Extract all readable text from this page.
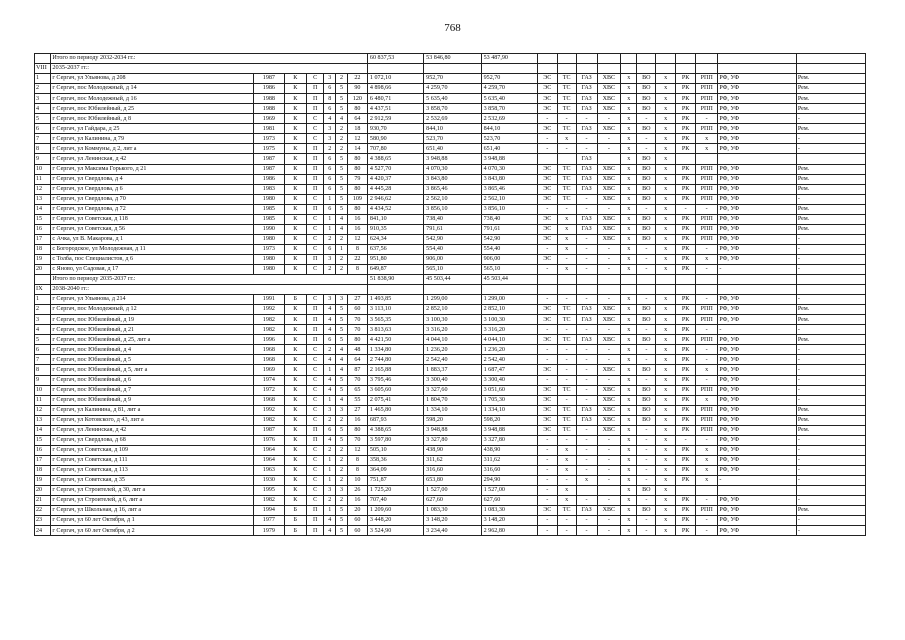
768
	Итого по периоду 2032-2034 гг.:							60 837,53	53 846,80	53 487,90											
VIII	2035-2037 гг.:																				
1	г Сергач, ул Ульянова, д 208	1987	К	С	3	2	22	1 072,10	952,70	952,70	ЭС	ТС	ГАЗ	ХВС	х	ВО	х	РК	РПП	РФ, УФ	Рем.
2	г Сергач, пос Молодежный, д 14	1986	К	П	6	5	90	4 898,66	4 259,70	4 259,70	ЭС	ТС	ГАЗ	ХВС	х	ВО	х	РК	РПП	РФ, УФ	Рем.
3	г Сергач, пос Молодежный, д 16	1988	К	П	8	5	120	6 480,71	5 635,40	5 635,40	ЭС	ТС	ГАЗ	ХВС	х	ВО	х	РК	РПП	РФ, УФ	Рем.
4	г Сергач, пос Юбилейный, д 25	1988	К	П	6	5	80	4 437,51	3 858,70	3 858,70	ЭС	ТС	ГАЗ	ХВС	х	ВО	х	РК	РПП	РФ, УФ	Рем.
5	г Сергач, пос Юбилейный, д 8	1969	К	С	4	4	64	2 912,59	2 532,69	2 532,69	-	-	-	-	х	-	х	РК	-	РФ, УФ	-
6	г Сергач, ул Гайдара, д 25	1981	К	С	3	2	18	930,70	844,10	844,10	ЭС	ТС	ГАЗ	ХВС	х	ВО	х	РК	РПП	РФ, УФ	Рем.
7	г Сергач, ул Калинина, д 79	1973	К	С	3	2	12	580,90	523,70	523,70	-	х	-	-	х	-	х	РК	х	РФ, УФ	-
8	г Сергач, ул Коммуны, д 2, лит а	1975	К	П	2	2	14	707,80	651,40	651,40	-	-	-	-	х	-	х	РК	х	РФ, УФ	-
9	г Сергач, ул Ленинская, д 42	1987	К	П	6	5	80	4 388,65	3 948,88	3 948,88			ГАЗ		х	ВО	х				
10	г Сергач, ул Максима Горького, д 21	1987	К	П	6	5	80	4 527,70	4 070,30	4 070,30	ЭС	ТС	ГАЗ	ХВС	х	ВО	х	РК	РПП	РФ, УФ	Рем.
11	г Сергач, ул Свердлова, д 4	1986	К	П	6	5	79	4 420,37	3 843,80	3 843,80	ЭС	ТС	ГАЗ	ХВС	х	ВО	х	РК	РПП	РФ, УФ	Рем.
12	г Сергач, ул Свердлова, д 6	1983	К	П	6	5	80	4 445,28	3 865,46	3 865,46	ЭС	ТС	ГАЗ	ХВС	х	ВО	х	РК	РПП	РФ, УФ	Рем.
13	г Сергач, ул Свердлова, д 70	1980	К	С	1	5	109	2 946,62	2 562,10	2 562,10	ЭС	ТС	-	ХВС	х	ВО	х	РК	РПП	РФ, УФ	-
14	г Сергач, ул Свердлова, д 72	1985	К	П	6	5	80	4 434,52	3 856,10	3 856,10	-	-	-	-	х	-	х	-	-	РФ, УФ	Рем.
15	г Сергач, ул Советская, д 118	1985	К	С	1	4	16	841,10	738,40	738,40	ЭС	х	ГАЗ	ХВС	х	ВО	х	РК	РПП	РФ, УФ	Рем.
16	г Сергач, ул Советская, д 56	1990	К	С	1	4	16	910,35	791,61	791,61	ЭС	х	ГАЗ	ХВС	х	ВО	х	РК	РПП	РФ, УФ	Рем.
17	с Ачка, ул В. Макарова, д 1	1980	К	С	2	2	12	624,34	542,90	542,90	ЭС	х	-	ХВС	х	ВО	х	РК	РПП	РФ, УФ	-
18	с Богородское, ул Молодежная, д 11	1973	К	С	6	1	8	637,56	554,40	554,40	-	х	-	-	х	-	х	РК	-	РФ, УФ	-
19	с Толба, пос Специалистов, д 6	1980	К	П	3	2	22	951,80	906,00	906,00	ЭС	-	-	-	х	-	х	РК	х	РФ, УФ	-
20	с Яново, ул Садовая, д 17	1980	К	С	2	2	8	649,87	565,10	565,10	-	х	-	-	х	-	х	РК	-	-	-
	Итого по периоду 2035-2037 гг.:							51 838,90	45 503,44	45 503,44											
IX	2038-2040 гг.:																				
1	г Сергач, ул Ульянова, д 214	1991	Б	С	3	3	27	1 493,85	1 299,00	1 299,00	-	-	-	-	х	-	х	РК	-	РФ, УФ	-
2	г Сергач, пос Молодежный, д 12	1992	К	П	4	5	60	3 113,10	2 852,10	2 852,10	ЭС	ТС	ГАЗ	ХВС	х	ВО	х	РК	РПП	РФ, УФ	Рем.
3	г Сергач, пос Юбилейный, д 19	1982	К	П	4	5	70	3 565,35	3 100,30	3 100,30	ЭС	ТС	ГАЗ	ХВС	х	ВО	х	РК	РПП	РФ, УФ	Рем.
4	г Сергач, пос Юбилейный, д 21	1982	К	П	4	5	70	3 813,63	3 316,20	3 316,20	-	-	-	-	х	-	х	РК	-	-	-
5	г Сергач, пос Юбилейный, д 25, лит а	1996	К	П	6	5	80	4 421,50	4 044,10	4 044,10	ЭС	ТС	ГАЗ	ХВС	х	ВО	х	РК	РПП	РФ, УФ	Рем.
6	г Сергач, пос Юбилейный, д 4	1968	К	С	2	4	48	1 334,80	1 236,20	1 236,20	-	-	-	-	х	-	х	РК	-	РФ, УФ	-
7	г Сергач, пос Юбилейный, д 5	1968	К	С	4	4	64	2 744,80	2 542,40	2 542,40	-	-	-	-	х	-	х	РК	-	РФ, УФ	-
8	г Сергач, пос Юбилейный, д 5, лит а	1969	К	С	1	4	87	2 165,88	1 883,37	1 687,47	ЭС	-	-	ХВС	х	ВО	х	РК	х	РФ, УФ	-
9	г Сергач, пос Юбилейный, д 6	1974	К	С	4	5	70	3 795,46	3 300,40	3 300,40	-	-	-	-	х	-	х	РК	-	РФ, УФ	-
10	г Сергач, пос Юбилейный, д 7	1972	К	С	4	5	65	3 605,60	3 327,60	3 051,60	ЭС	ТС	-	ХВС	х	ВО	х	РК	РПП	РФ, УФ	-
11	г Сергач, пос Юбилейный, д 9	1968	К	С	1	4	55	2 075,41	1 804,70	1 705,30	ЭС	-	-	ХВС	х	ВО	х	РК	х	РФ, УФ	-
12	г Сергач, ул Калинина, д 81, лит а	1992	К	С	3	3	27	1 465,80	1 334,10	1 334,10	ЭС	ТС	ГАЗ	ХВС	х	ВО	х	РК	РПП	РФ, УФ	Рем.
13	г Сергач, ул Котовского, д 43, лит а	1982	К	С	2	2	16	687,93	598,20	598,20	ЭС	ТС	ГАЗ	ХВС	х	ВО	х	РК	РПП	РФ, УФ	Рем.
14	г Сергач, ул Ленинская, д 42	1987	К	П	6	5	80	4 388,65	3 948,88	3 948,88	ЭС	ТС	-	ХВС	х	-	х	РК	РПП	РФ, УФ	Рем.
15	г Сергач, ул Свердлова, д 68	1976	К	П	4	5	70	3 597,80	3 327,80	3 327,80	-	-	-	-	х	-	х	-	-	РФ, УФ	-
16	г Сергач, ул Советская, д 109	1964	К	С	2	2	12	505,10	438,90	438,90	-	х	-	-	х	-	х	РК	х	РФ, УФ	-
17	г Сергач, ул Советская, д 111	1964	К	С	1	2	8	358,36	311,62	311,62	-	х	-	-	х	-	х	РК	х	РФ, УФ	-
18	г Сергач, ул Советская, д 113	1963	К	С	1	2	8	364,09	316,60	316,60	-	х	-	-	х	-	х	РК	х	РФ, УФ	-
19	г Сергач, ул Советская, д 35	1930	К	С	1	2	10	751,87	653,80	294,90	-	-	х	-	х	-	х	РК	х	-	-
20	г Сергач, ул Строителей, д 30, лит а	1995	К	С	3	3	26	1 725,20	1 527,00	1 527,00	-	х			х	ВО	х				
21	г Сергач, ул Строителей, д 6, лит а	1982	К	С	2	2	16	707,40	627,60	627,60	-	х	-	-	х	-	х	РК	-	РФ, УФ	-
22	г Сергач, ул Школьная, д 16, лит а	1994	Б	П	1	5	20	1 209,60	1 083,30	1 083,30	ЭС	ТС	ГАЗ	ХВС	х	ВО	х	РК	РПП	РФ, УФ	Рем.
23	г Сергач, ул 60 лет Октября, д 1	1977	Б	П	4	5	60	3 448,20	3 148,20	3 148,20	-	-	-	-	х	-	х	РК	-	РФ, УФ	-
24	г Сергач, ул 60 лет Октября, д 2	1979	Б	П	4	5	60	3 524,90	3 234,40	2 962,80	-	-	-	-	х	-	х	РК	-	РФ, УФ	-
